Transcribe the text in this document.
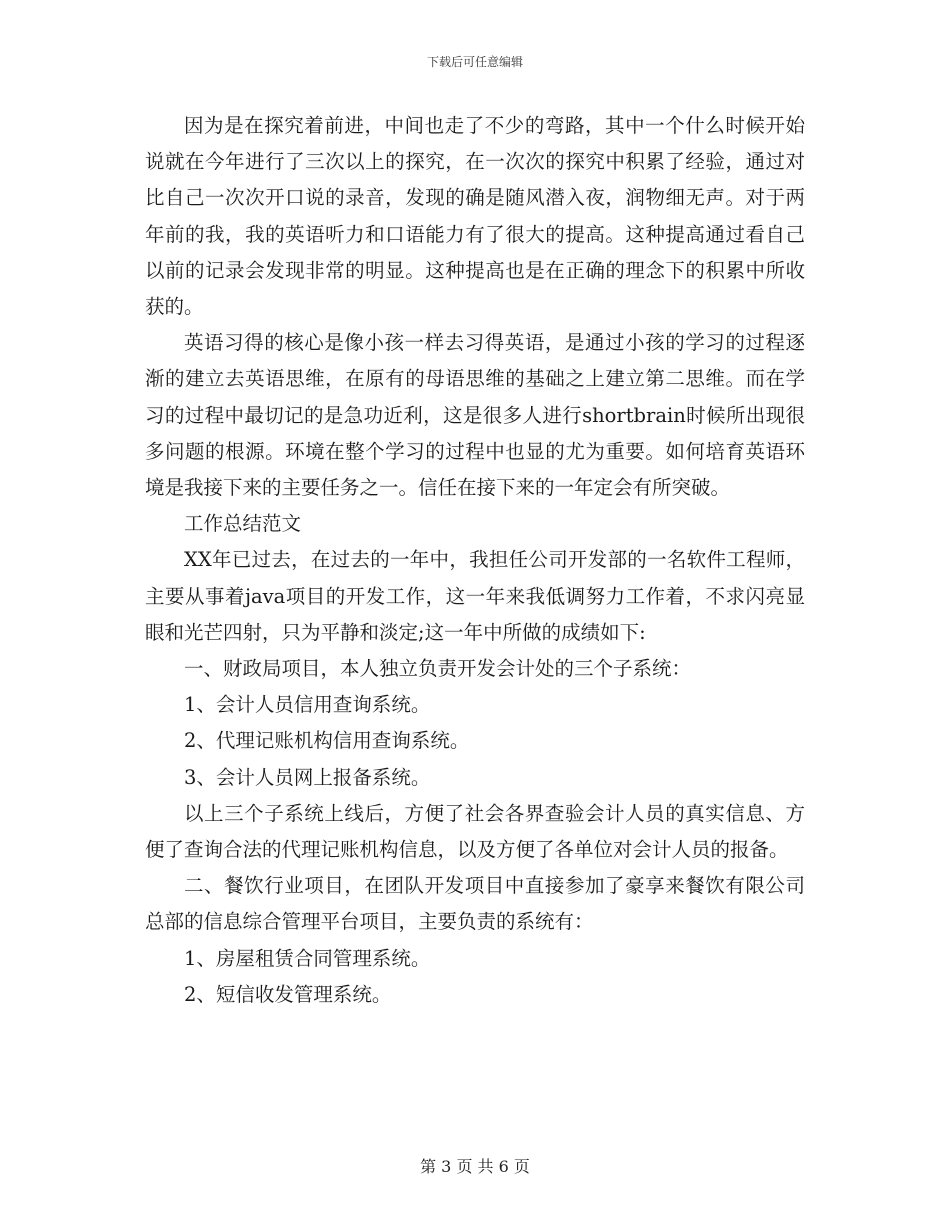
下载后可任意编辑

因为是在探究着前进，中间也走了不少的弯路，其中一个什么时候开始说就在今年进行了三次以上的探究，在一次次的探究中积累了经验，通过对比自己一次次开口说的录音，发现的确是随风潜入夜，润物细无声。对于两年前的我，我的英语听力和口语能力有了很大的提高。这种提高通过看自己以前的记录会发现非常的明显。这种提高也是在正确的理念下的积累中所收获的。

英语习得的核心是像小孩一样去习得英语，是通过小孩的学习的过程逐渐的建立去英语思维，在原有的母语思维的基础之上建立第二思维。而在学习的过程中最切记的是急功近利，这是很多人进行shortbrain时候所出现很多问题的根源。环境在整个学习的过程中也显的尤为重要。如何培育英语环境是我接下来的主要任务之一。信任在接下来的一年定会有所突破。

工作总结范文

XX年已过去，在过去的一年中，我担任公司开发部的一名软件工程师，主要从事着java项目的开发工作，这一年来我低调努力工作着，不求闪亮显眼和光芒四射，只为平静和淡定;这一年中所做的成绩如下:

一、财政局项目，本人独立负责开发会计处的三个子系统：

1、会计人员信用查询系统。

2、代理记账机构信用查询系统。

3、会计人员网上报备系统。

以上三个子系统上线后，方便了社会各界查验会计人员的真实信息、方便了查询合法的代理记账机构信息，以及方便了各单位对会计人员的报备。

二、餐饮行业项目，在团队开发项目中直接参加了豪享来餐饮有限公司总部的信息综合管理平台项目，主要负责的系统有：

1、房屋租赁合同管理系统。

2、短信收发管理系统。

第 3 页 共 6 页
